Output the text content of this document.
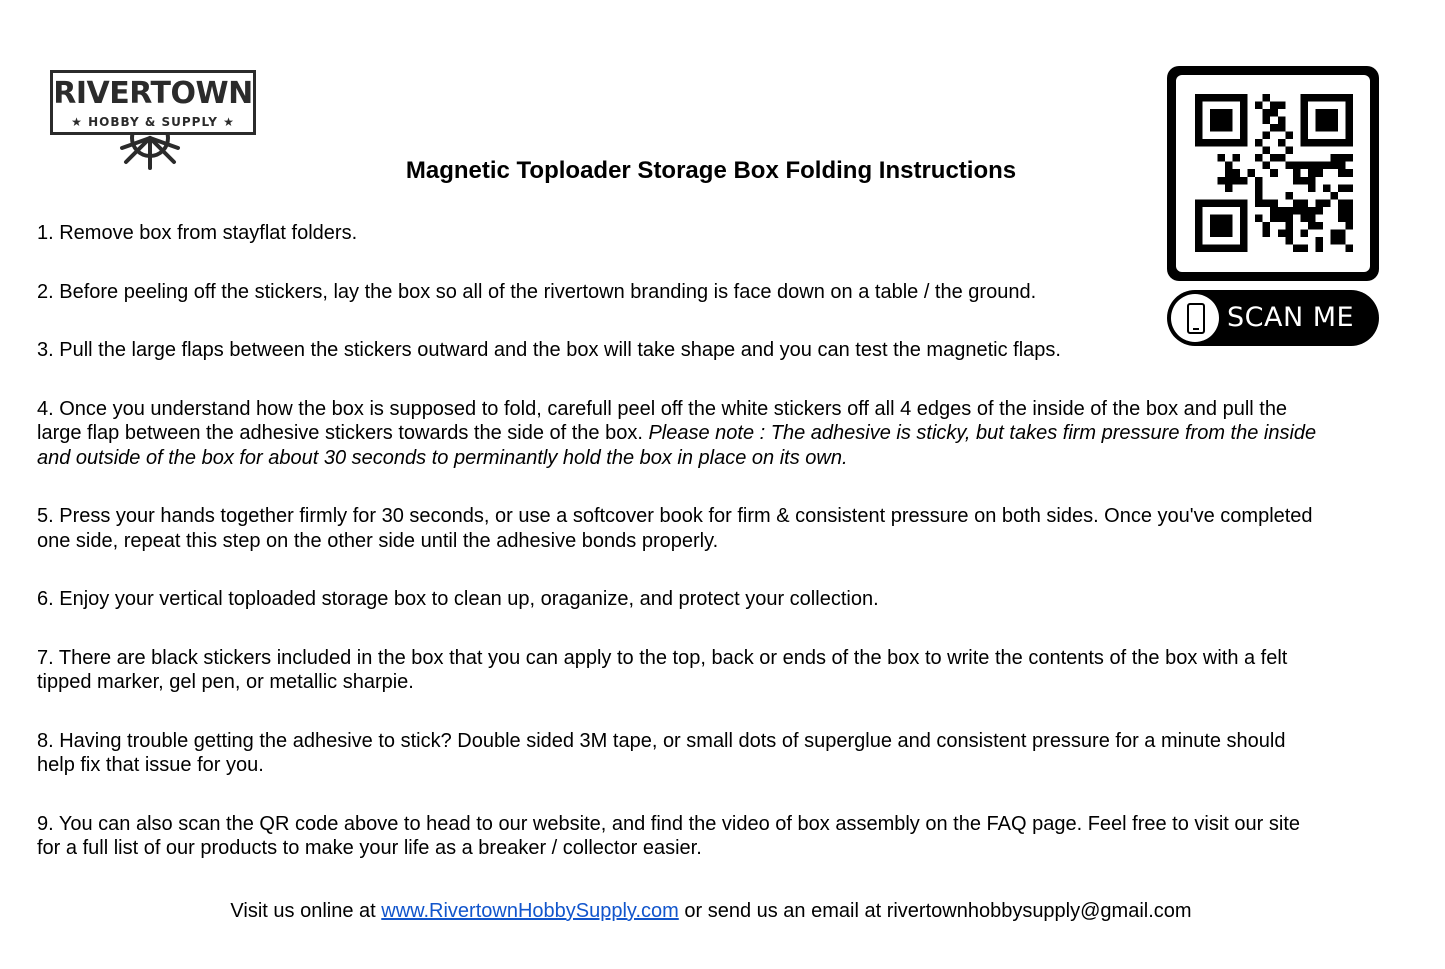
RIVERTOWN
★ HOBBY & SUPPLY ★
Magnetic Toploader Storage Box Folding Instructions
SCAN ME
1. Remove box from stayflat folders.
2. Before peeling off the stickers, lay the box so all of the rivertown branding is face down on a table / the ground.
3. Pull the large flaps between the stickers outward and the box will take shape and you can test the magnetic flaps.
4. Once you understand how the box is supposed to fold, carefull peel off the white stickers off all 4 edges of the inside of the box and pull the
large flap between the adhesive stickers towards the side of the box. Please note : The adhesive is sticky, but takes firm pressure from the inside
and outside of the box for about 30 seconds to perminantly hold the box in place on its own.
5. Press your hands together firmly for 30 seconds, or use a softcover book for firm & consistent pressure on both sides. Once you've completed
one side, repeat this step on the other side until the adhesive bonds properly.
6. Enjoy your vertical toploaded storage box to clean up, oraganize, and protect your collection.
7. There are black stickers included in the box that you can apply to the top, back or ends of the box to write the contents of the box with a felt
tipped marker, gel pen, or metallic sharpie.
8. Having trouble getting the adhesive to stick? Double sided 3M tape, or small dots of superglue and consistent pressure for a minute should
help fix that issue for you.
9. You can also scan the QR code above to head to our website, and find the video of box assembly on the FAQ page. Feel free to visit our site
for a full list of our products to make your life as a breaker / collector easier.
Visit us online at www.RivertownHobbySupply.com or send us an email at rivertownhobbysupply@gmail.com
